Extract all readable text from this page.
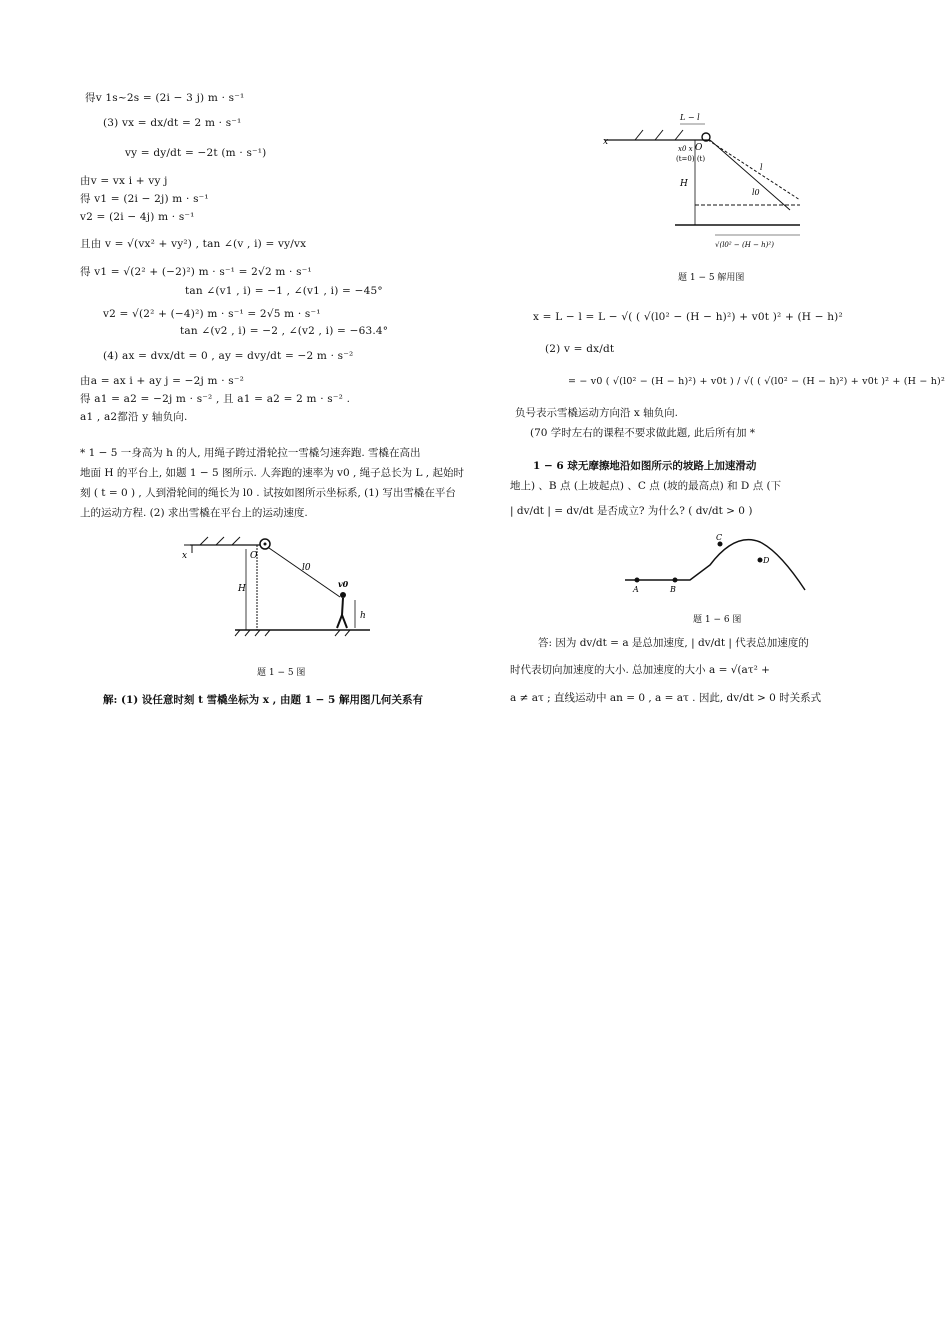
得v 1s~2s = (2i − 3 j) m · s⁻¹
(3) vx = dx/dt = 2 m · s⁻¹
vy = dy/dt = −2t (m · s⁻¹)
由v = vx i + vy j
得 v1 = (2i − 2j) m · s⁻¹
v2 = (2i − 4j) m · s⁻¹
且由 v = √(vx² + vy²) , tan ∠(v , i) = vy/vx
得 v1 = √(2² + (−2)²) m · s⁻¹ = 2√2 m · s⁻¹
tan ∠(v1 , i) = −1 , ∠(v1 , i) = −45°
v2 = √(2² + (−4)²) m · s⁻¹ = 2√5 m · s⁻¹
tan ∠(v2 , i) = −2 , ∠(v2 , i) = −63.4°
(4) ax = dvx/dt = 0 , ay = dvy/dt = −2 m · s⁻²
由a = ax i + ay j = −2j m · s⁻²
得 a1 = a2 = −2j m · s⁻² , 且 a1 = a2 = 2 m · s⁻² .
a1 , a2都沿 y 轴负向.
* 1 − 5 一身高为 h 的人, 用绳子跨过滑轮拉一雪橇匀速奔跑. 雪橇在高出
地面 H 的平台上, 如题 1 − 5 图所示. 人奔跑的速率为 v0 , 绳子总长为 L , 起始时
刻 ( t = 0 ) , 人到滑轮间的绳长为 l0 . 试按如图所示坐标系, (1) 写出雪橇在平台
上的运动方程. (2) 求出雪橇在平台上的运动速度.
x	O
l0
H	v0
h
题 1 − 5 图
解: (1) 设任意时刻 t 雪橇坐标为 x , 由题 1 − 5 解用图几何关系有
x
L − l
O
x0 x
(t=0) (t)
H
l
l0
√(l0² − (H − h)²)
题 1 − 5 解用图
x = L − l = L − √( ( √(l0² − (H − h)²) + v0t )² + (H − h)²
(2) v = dx/dt
= − v0 ( √(l0² − (H − h)²) + v0t ) / √( ( √(l0² − (H − h)²) + v0t )² + (H − h)²
负号表示雪橇运动方向沿 x 轴负向.
(70 学时左右的课程不要求做此题, 此后所有加 *
1 − 6 球无摩擦地沿如图所示的坡路上加速滑动
地上) 、B 点 (上坡起点) 、C 点 (坡的最高点) 和 D 点 (下
| dv/dt | = dv/dt 是否成立? 为什么? ( dv/dt > 0 )
A	B
C
D
题 1 − 6 图
答: 因为 dv/dt = a 是总加速度, | dv/dt | 代表总加速度的
时代表切向加速度的大小. 总加速度的大小 a = √(aτ² +
a ≠ aτ ; 直线运动中 an = 0 , a = aτ . 因此, dv/dt > 0 时关系式
